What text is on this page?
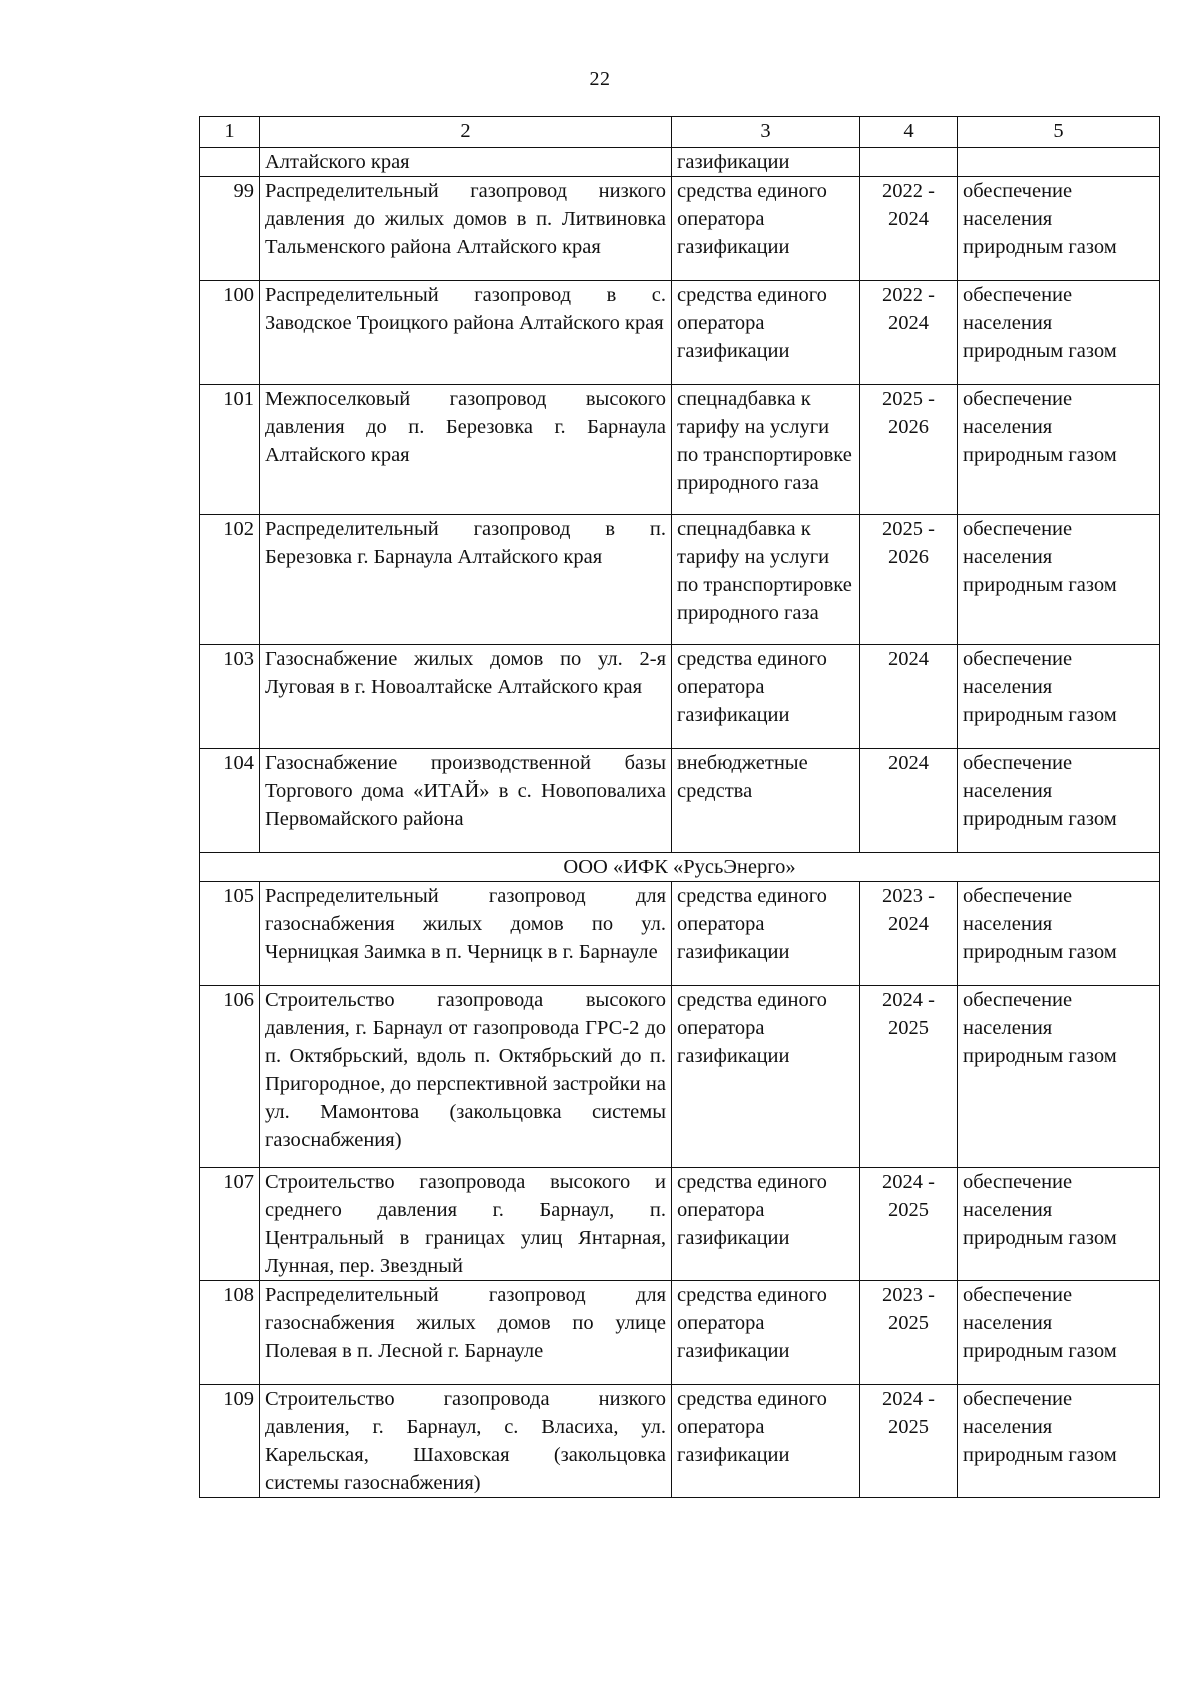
22
1	2	3	4	5
	Алтайского края	газификации		
99	Распределительный газопровод низкого давления до жилых домов в п. Литвиновка Тальменского района Алтайского края	средства единого оператора газификации	2022 - 2024	обеспечение населения природным газом
100	Распределительный газопровод в с. Заводское Троицкого района Алтайского края	средства единого оператора газификации	2022 - 2024	обеспечение населения природным газом
101	Межпоселковый газопровод высокого давления до п. Березовка г. Барнаула Алтайского края	спецнадбавка к тарифу на услуги по транспортировке природного газа	2025 - 2026	обеспечение населения природным газом
102	Распределительный газопровод в п. Березовка г. Барнаула Алтайского края	спецнадбавка к тарифу на услуги по транспортировке природного газа	2025 - 2026	обеспечение населения природным газом
103	Газоснабжение жилых домов по ул. 2-я Луговая в г. Новоалтайске Алтайского края	средства единого оператора газификации	2024	обеспечение населения природным газом
104	Газоснабжение производственной базы Торгового дома «ИТАЙ» в с. Новоповалиха Первомайского района	внебюджетные средства	2024	обеспечение населения природным газом
ООО «ИФК «РусьЭнерго»				
105	Распределительный газопровод для газоснабжения жилых домов по ул. Черницкая Заимка в п. Черницк в г. Барнауле	средства единого оператора газификации	2023 - 2024	обеспечение населения природным газом
106	Строительство газопровода высокого давления, г. Барнаул от газопровода ГРС-2 до п. Октябрьский, вдоль п. Октябрьский до п. Пригородное, до перспективной застройки на ул. Мамонтова (закольцовка системы газоснабжения)	средства единого оператора газификации	2024 - 2025	обеспечение населения природным газом
107	Строительство газопровода высокого и среднего давления г. Барнаул, п. Центральный в границах улиц Янтарная, Лунная, пер. Звездный	средства единого оператора газификации	2024 - 2025	обеспечение населения природным газом
108	Распределительный газопровод для газоснабжения жилых домов по улице Полевая в п. Лесной г. Барнауле	средства единого оператора газификации	2023 - 2025	обеспечение населения природным газом
109	Строительство газопровода низкого давления, г. Барнаул, с. Власиха, ул. Карельская, Шаховская (закольцовка системы газоснабжения)	средства единого оператора газификации	2024 - 2025	обеспечение населения природным газом
